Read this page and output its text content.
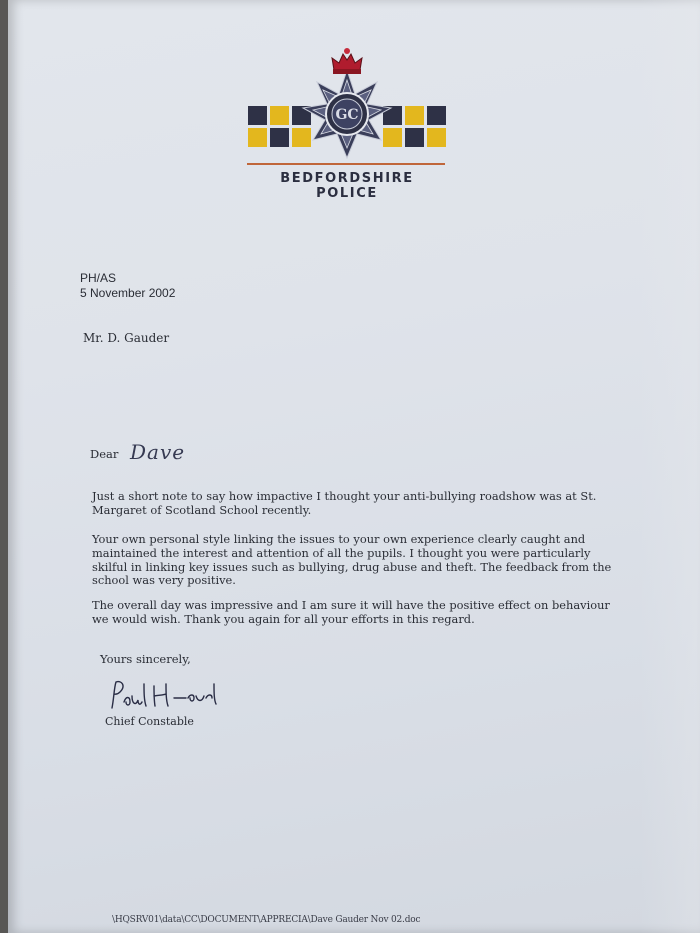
GC
BEDFORDSHIRE POLICE
PH/AS
5 November 2002
Mr. D. Gauder
Dear Dave
Just a short note to say how impactive I thought your anti-bullying roadshow was at St. Margaret of Scotland School recently.
Your own personal style linking the issues to your own experience clearly caught and maintained the interest and attention of all the pupils. I thought you were particularly skilful in linking key issues such as bullying, drug abuse and theft. The feedback from the school was very positive.
The overall day was impressive and I am sure it will have the positive effect on behaviour we would wish. Thank you again for all your efforts in this regard.
Yours sincerely,
Chief Constable
\HQSRV01\data\CC\DOCUMENT\APPRECIA\Dave Gauder Nov 02.doc
